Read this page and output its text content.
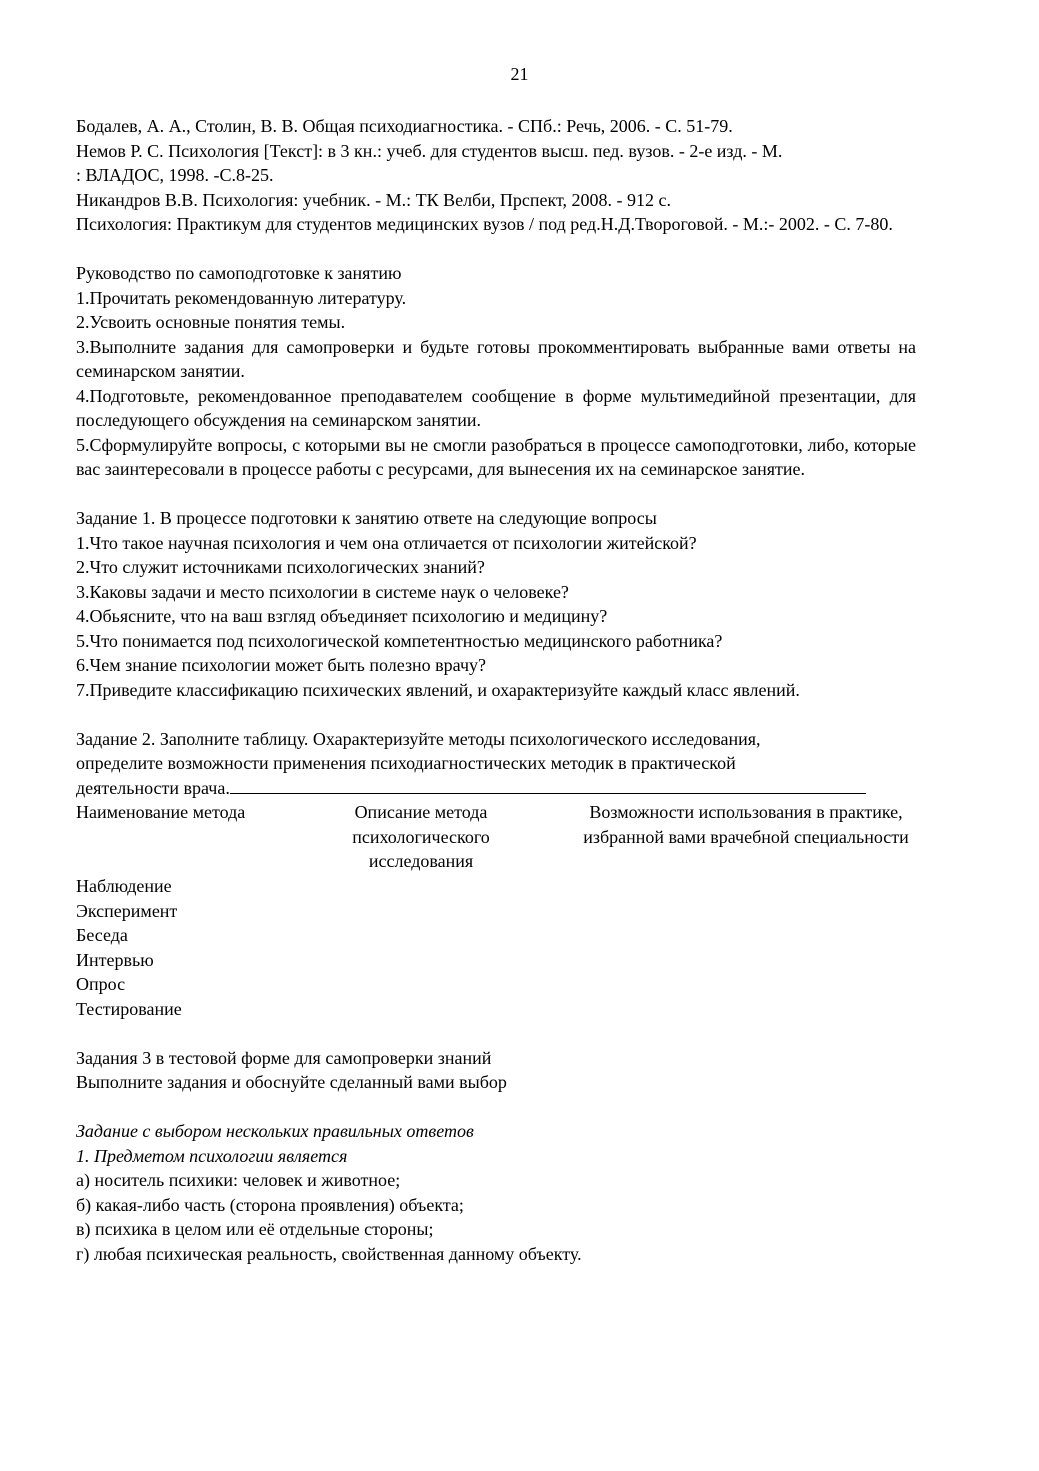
21

Бодалев, А. А., Столин, В. В. Общая психодиагностика. - СПб.: Речь, 2006. - С. 51-79.

Немов Р. С. Психология [Текст]: в 3 кн.: учеб. для студентов высш. пед. вузов. - 2-е изд. - М.

: ВЛАДОС, 1998. -С.8-25.

Никандров В.В. Психология: учебник. - М.: ТК Велби, Прспект, 2008. - 912 с.

Психология: Практикум для студентов медицинских вузов / под ред.Н.Д.Твороговой. - М.:- 2002. - С. 7-80.

Руководство по самоподготовке к занятию

1.Прочитать рекомендованную литературу.

2.Усвоить основные понятия темы.

3.Выполните задания для самопроверки и будьте готовы прокомментировать выбранные вами ответы на семинарском занятии.

4.Подготовьте, рекомендованное преподавателем сообщение в форме мультимедийной презентации, для последующего обсуждения на семинарском занятии.

5.Сформулируйте вопросы, с которыми вы не смогли разобраться в процессе самоподготовки, либо, которые вас заинтересовали в процессе работы с ресурсами, для вынесения их на семинарское занятие.

Задание 1. В процессе подготовки к занятию ответе на следующие вопросы

1.Что такое научная психология и чем она отличается от психологии житейской?

2.Что служит источниками психологических знаний?

3.Каковы задачи и место психологии в системе наук о человеке?

4.Обьясните, что на ваш взгляд объединяет психологию и медицину?

5.Что понимается под психологической компетентностью медицинского работника?

6.Чем знание психологии может быть полезно врачу?

7.Приведите классификацию психических явлений, и охарактеризуйте каждый класс явлений.

Задание 2. Заполните таблицу. Охарактеризуйте методы психологического исследования,

определите возможности применения психодиагностических методик в практической

деятельности врача.

Наименование метода	Описание метода психологического исследования
Возможности использования в практике, избранной вами врачебной специальности

Наблюдение

Эксперимент

Беседа

Интервью

Опрос

Тестирование

Задания 3 в тестовой форме для самопроверки знаний

Выполните задания и обоснуйте сделанный вами выбор

Задание с выбором нескольких правильных ответов

1. Предметом психологии является

а) носитель психики: человек и животное;

б) какая-либо часть (сторона проявления) объекта;

в) психика в целом или её отдельные стороны;

г) любая психическая реальность, свойственная данному объекту.
